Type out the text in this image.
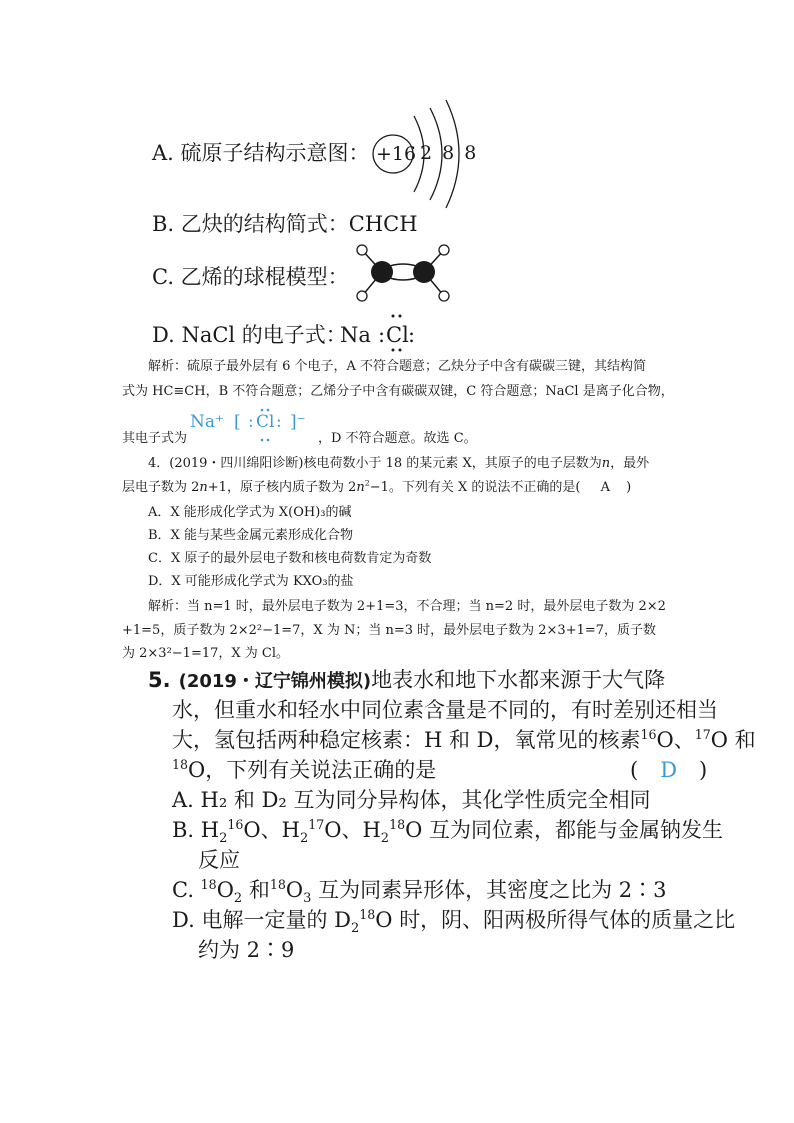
A. 硫原子结构示意图： +16 2 8 8
B. 乙炔的结构简式：CHCH
C. 乙烯的球棍模型：
D. NaCl 的电子式：
Na : Cl :
解析：硫原子最外层有 6 个电子，A 不符合题意；乙炔分子中含有碳碳三键，其结构简
式为 HC≡CH，B 不符合题意；乙烯分子中含有碳碳双键，C 符合题意；NaCl 是离子化合物，
其电子式为
Na⁺ [ : Cl : ]⁻
，D 不符合题意。故选 C。
4．(2019・四川绵阳诊断)核电荷数小于 18 的某元素 X，其原子的电子层数为n，最外
层电子数为 2n+1，原子核内质子数为 $2n^2-1$。下列有关 X 的说法不正确的是( A )
A．X 能形成化学式为 X(OH)₃的碱
B．X 能与某些金属元素形成化合物
C．X 原子的最外层电子数和核电荷数肯定为奇数
D．X 可能形成化学式为 KXO₃的盐
解析：当 n=1 时，最外层电子数为 2+1=3，不合理；当 n=2 时，最外层电子数为 2×2
+1=5，质子数为 2×2²−1=7，X 为 N；当 n=3 时，最外层电子数为 2×3+1=7，质子数
为 2×3²−1=17，X 为 Cl。
5. (2019・辽宁锦州模拟)地表水和地下水都来源于大气降
水，但重水和轻水中同位素含量是不同的，有时差别还相当
大，氢包括两种稳定核素：H 和 D，氧常见的核素$^{16}$O、$^{17}$O 和
$^{18}$O，下列有关说法正确的是	( D )
A. H₂ 和 D₂ 互为同分异构体，其化学性质完全相同
B. $H_2^{16}O$、$H_2^{17}O$、$H_2^{18}O$ 互为同位素，都能与金属钠发生
反应
C. $^{18}O_2$ 和$^{18}O_3$ 互为同素异形体，其密度之比为 2∶3
D. 电解一定量的 $D_2^{18}O$ 时，阴、阳两极所得气体的质量之比
约为 2∶9
